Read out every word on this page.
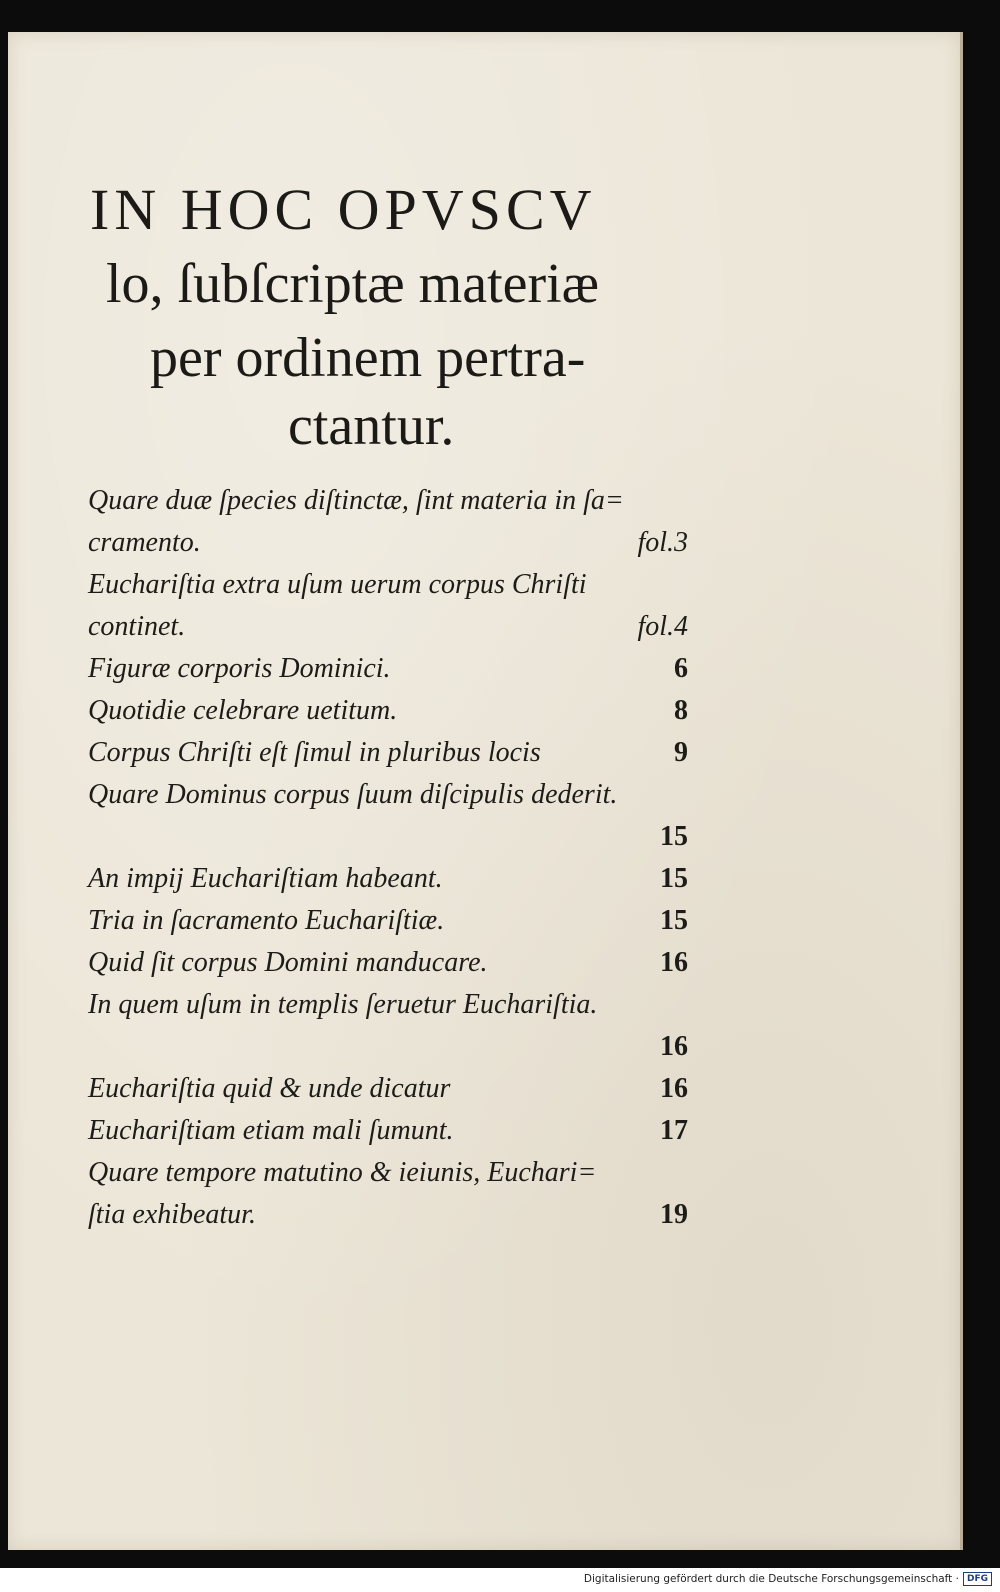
IN HOC OPVSCV
lo, ſubſcriptæ materiæ
per ordinem pertra-
ctantur.
Quare duæ ſpecies diſtinctæ, ſint materia in ſa=
cramento.	fol.3
Euchariſtia extra uſum uerum corpus Chriſti
continet.	fol.4
Figuræ corporis Dominici.	6
Quotidie celebrare uetitum.	8
Corpus Chriſti eſt ſimul in pluribus locis	9
Quare Dominus corpus ſuum diſcipulis dederit.
15
An impij Euchariſtiam habeant.	15
Tria in ſacramento Euchariſtiæ.	15
Quid ſit corpus Domini manducare.	16
In quem uſum in templis ſeruetur Euchariſtia.
16
Euchariſtia quid & unde dicatur	16
Euchariſtiam etiam mali ſumunt.	17
Quare tempore matutino & ieiunis, Euchari=
ſtia exhibeatur.	19
Digitalisierung gefördert durch die Deutsche Forschungsgemeinschaft · DFG
